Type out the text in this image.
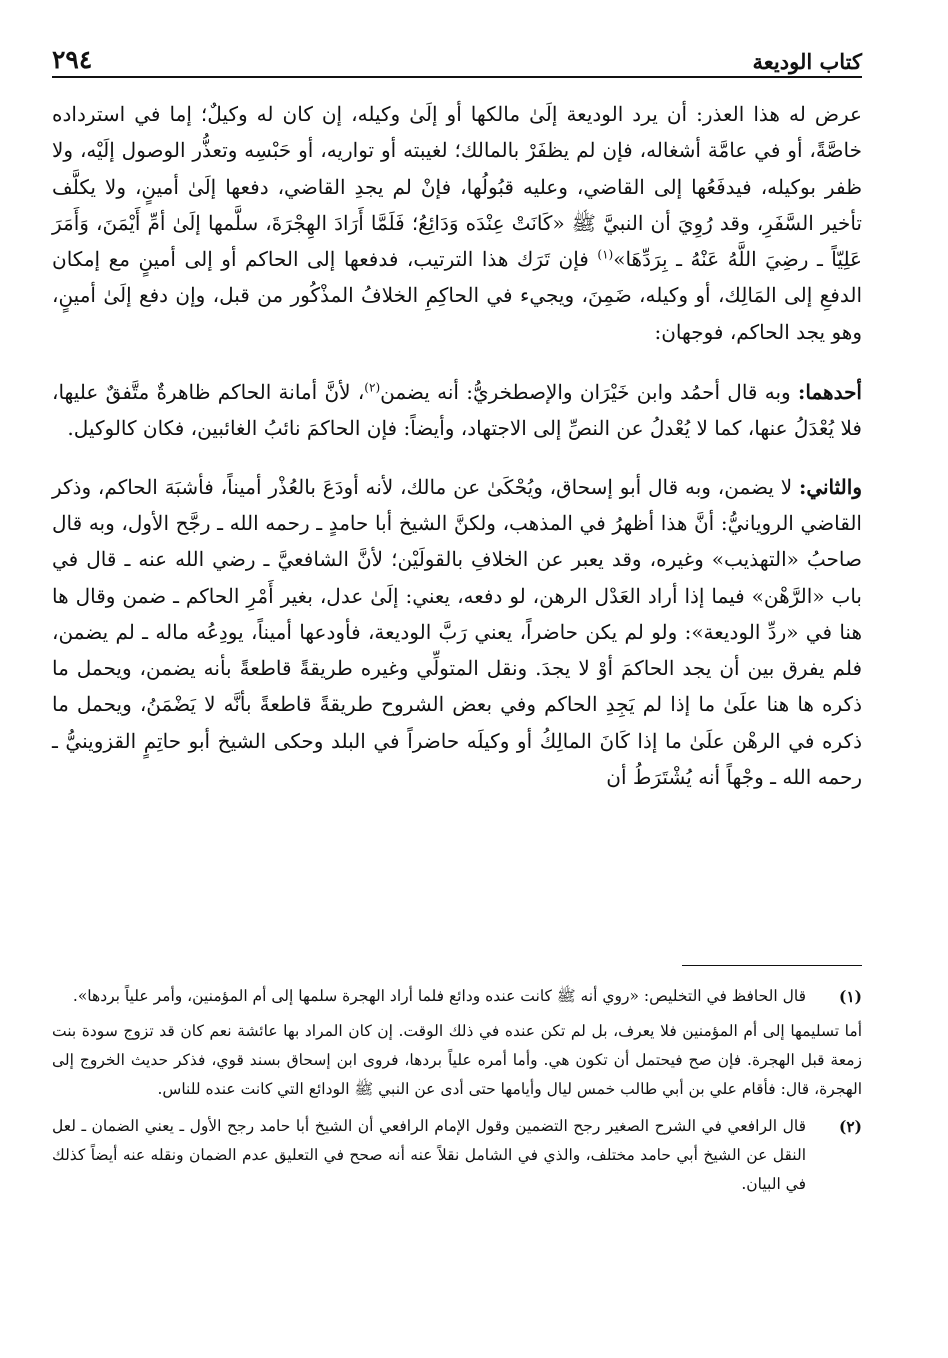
كتاب الوديعة
٢٩٤

عرض له هذا العذر: أن يرد الوديعة إلَىٰ مالكها أو إلَىٰ وكيله، إن كان له وكيلٌ؛ إما في استرداده خاصَّةً، أو في عامَّة أشغاله، فإن لم يظفَرْ بالمالك؛ لغيبته أو تواريه، أو حَبْسِه وتعذُّر الوصول إلَيْه، ولا ظفر بوكيله، فيدفَعُها إلى القاضي، وعليه قبُولُها، فإنْ لم يجدِ القاضي، دفعها إلَىٰ أمينٍ، ولا يكلَّف تأخير السَّفَرِ، وقد رُوِيَ أن النبيَّ ﷺ «كَانَتْ عِنْدَه وَدَائِعُ؛ فَلَمَّا أَرَادَ الهِجْرَةَ، سلَّمها إلَىٰ أمِّ أَيْمَنَ، وَأَمَرَ عَلِيّاً ـ رضِيَ اللَّهُ عَنْهُ ـ بِرَدِّهَا»$^{(١)}$ فإن تَرَك هذا الترتيب، فدفعها إلى الحاكم أو إلى أمينٍ مع إمكان الدفعِ إلى المَالِك، أو وكيله، ضَمِنَ، ويجيء في الحاكِمِ الخلافُ المذْكُور من قبل، وإن دفع إلَىٰ أمينٍ، وهو يجد الحاكم، فوجهان:

أحدهما: وبه قال أحمُد وابن خَيْرَان والإصطخريُّ: أنه يضمن$^{(٢)}$، لأنَّ أمانة الحاكم ظاهرةٌ متَّفقٌ عليها، فلا يُعْدَلُ عنها، كما لا يُعْدلُ عن النصِّ إلى الاجتهاد، وأيضاً: فإن الحاكمَ نائبُ الغائبين، فكان كالوكيل.

والثاني: لا يضمن، وبه قال أبو إسحاق، ويُحْكَىٰ عن مالك، لأنه أودَعَ بالعُذْر أميناً، فأشبَهَ الحاكم، وذكر القاضي الرويانيُّ: أنَّ هذا أظهرُ في المذهب، ولكنَّ الشيخ أبا حامدٍ ـ رحمه الله ـ رجَّح الأول، وبه قال صاحبُ «التهذيب» وغيره، وقد يعبر عن الخلافِ بالقولَيْن؛ لأنَّ الشافعيَّ ـ رضي الله عنه ـ قال في باب «الرَّهْن» فيما إذا أراد العَدْل الرهن، لو دفعه، يعني: إلَىٰ عدل، بغير أَمْرِ الحاكم ـ ضمن وقال ها هنا في «ردِّ الوديعة»: ولو لم يكن حاضراً، يعني رَبَّ الوديعة، فأودعها أميناً، يودِعُه ماله ـ لم يضمن، فلم يفرق بين أن يجد الحاكمَ أوْ لا يجدَ. ونقل المتولِّي وغيره طريقةً قاطعةً بأنه يضمن، ويحمل ما ذكره ها هنا علَىٰ ما إذا لم يَجِدِ الحاكم وفي بعض الشروح طريقةً قاطعةً بأنَّه لا يَضْمَنُ، ويحمل ما ذكره في الرهْن علَىٰ ما إذا كَانَ المالِكُ أو وكيلَه حاضراً في البلد وحكى الشيخ أبو حاتِمٍ القزوينيُّ ـ رحمه الله ـ وجْهاً أنه يُشْتَرَطُ أن

(١)
قال الحافظ في التخليص: «روي أنه ﷺ كانت عنده ودائع فلما أراد الهجرة سلمها إلى أم المؤمنين، وأمر علياً بردها».

أما تسليمها إلى أم المؤمنين فلا يعرف، بل لم تكن عنده في ذلك الوقت. إن كان المراد بها عائشة نعم كان قد تزوج سودة بنت زمعة قبل الهجرة. فإن صح فيحتمل أن تكون هي. وأما أمره علياً بردها، فروى ابن إسحاق بسند قوي، فذكر حديث الخروج إلى الهجرة، قال: فأقام علي بن أبي طالب خمس ليال وأيامها حتى أدى عن النبي ﷺ الودائع التي كانت عنده للناس.

(٢)
قال الرافعي في الشرح الصغير رجح التضمين وقول الإمام الرافعي أن الشيخ أبا حامد رجح الأول ـ يعني الضمان ـ لعل النقل عن الشيخ أبي حامد مختلف، والذي في الشامل نقلاً عنه أنه صحح في التعليق عدم الضمان ونقله عنه أيضاً كذلك في البيان.
